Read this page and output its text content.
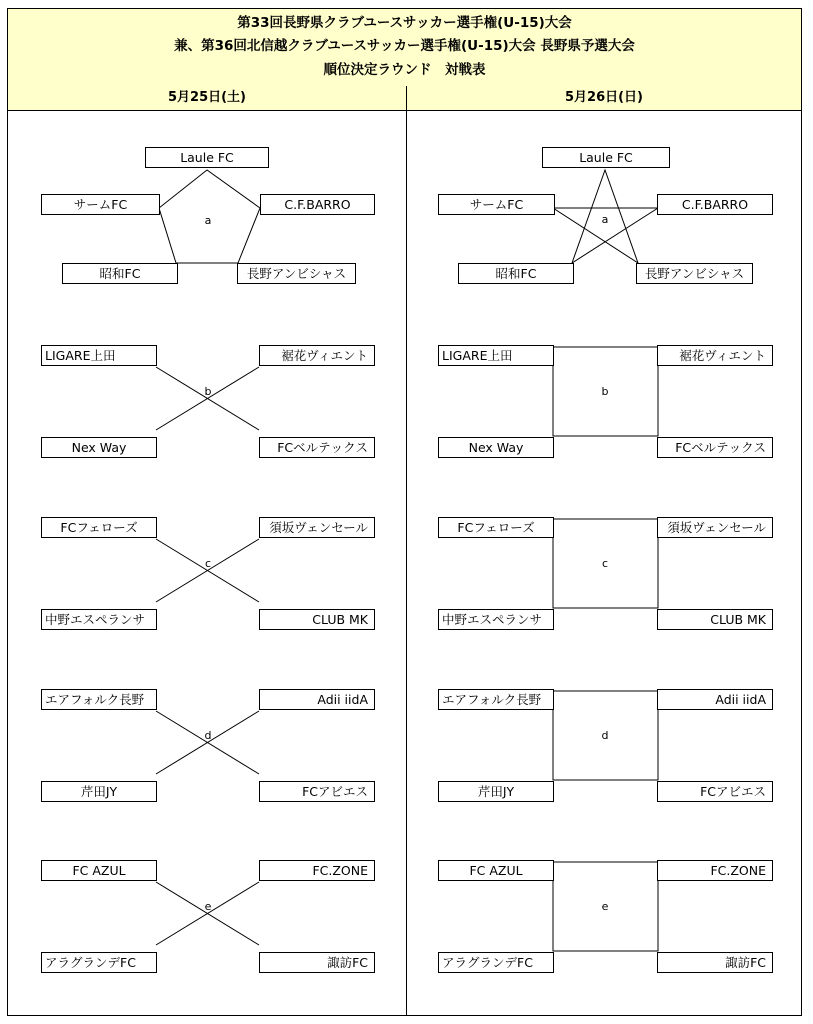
第33回長野県クラブユースサッカー選手権(U-15)大会
兼、第36回北信越クラブユースサッカー選手権(U-15)大会 長野県予選大会
順位決定ラウンド　対戦表
5月25日(土)	5月26日(日)
Laule FC
サームFC	C.F.BARRO
昭和FC	長野アンビシャス
a
LIGARE上田	裾花ヴィエント
Nex Way	FCベルテックス
b
FCフェローズ	須坂ヴェンセール
中野エスペランサ	CLUB MK
c
エアフォルク長野	Adii iidA
芹田JY	FCアビエス
d
FC AZUL	FC.ZONE
アラグランデFC	諏訪FC
e
Laule FC
サームFC	C.F.BARRO
昭和FC	長野アンビシャス
a
LIGARE上田	裾花ヴィエント
Nex Way	FCベルテックス
b
FCフェローズ	須坂ヴェンセール
中野エスペランサ	CLUB MK
c
エアフォルク長野	Adii iidA
芹田JY	FCアビエス
d
FC AZUL	FC.ZONE
アラグランデFC	諏訪FC
e
